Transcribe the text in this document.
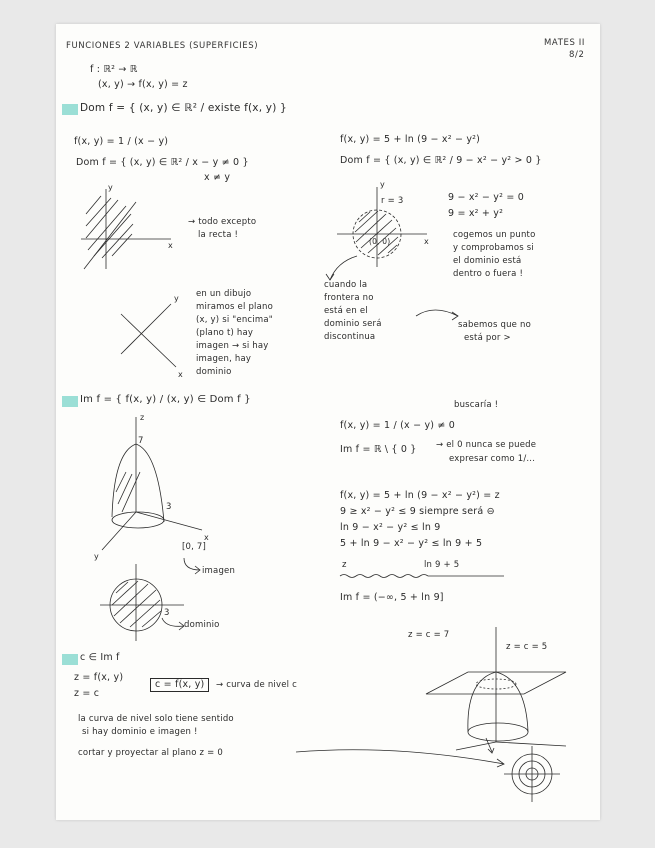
FUNCIONES 2 VARIABLES (SUPERFICIES)	MATES II
8/2
f : ℝ² → ℝ
(x, y) → f(x, y) = z
Dom f = { (x, y) ∈ ℝ² / existe f(x, y) }
f(x, y) = 1 / (x − y)
Dom f = { (x, y) ∈ ℝ² / x − y ≠ 0 }
x ≠ y
y
x
→ todo excepto
la recta !
y
x
en un dibujo
miramos el plano
(x, y) si "encima"
(plano t) hay
imagen → si hay
imagen, hay
dominio
f(x, y) = 5 + ln (9 − x² − y²)
Dom f = { (x, y) ∈ ℝ² / 9 − x² − y² > 0 }
y
x
r = 3
(0, 0)
9 − x² − y² = 0
9 = x² + y²
cogemos un punto
y comprobamos si
el dominio está
dentro o fuera !
cuando la
frontera no
está en el
dominio será
discontinua
sabemos que no
está por >
Im f = { f(x, y) / (x, y) ∈ Dom f }
z
y
x
7
3
[0, 7]
imagen
3
dominio
f(x, y) = 1 / (x − y) ≠ 0
buscaría !
Im f = ℝ \ { 0 } → el 0 nunca se puede
expresar como 1/...
f(x, y) = 5 + ln (9 − x² − y²) = z
9 ≥ x² − y² ≤ 9 siempre será ⊖
ln 9 − x² − y² ≤ ln 9
5 + ln 9 − x² − y² ≤ ln 9 + 5
z	ln 9 + 5
Im f = (−∞, 5 + ln 9]
c ∈ Im f
z = f(x, y)
z = c
c = f(x, y)	→ curva de nivel c
la curva de nivel solo tiene sentido
si hay dominio e imagen !
cortar y proyectar al plano z = 0
z = c = 7
z = c = 5
